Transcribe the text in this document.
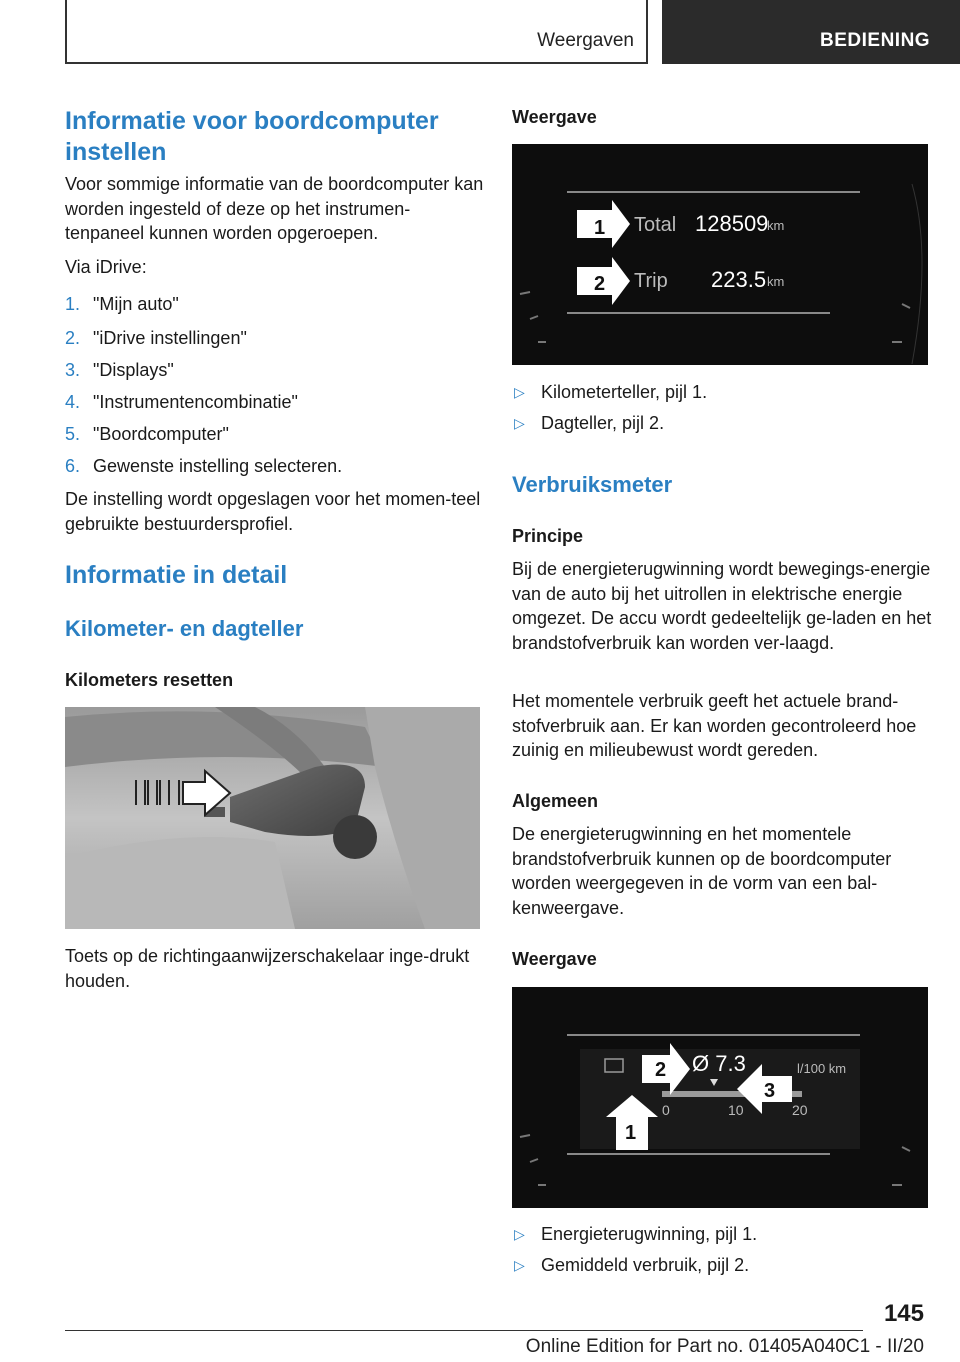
Weergaven	BEDIENING
Informatie voor boordcomputer instellen
Voor sommige informatie van de boordcomputer kan worden ingesteld of deze op het instrumen-tenpaneel kunnen worden opgeroepen.
Via iDrive:
1. "Mijn auto"
2. "iDrive instellingen"
3. "Displays"
4. "Instrumentencombinatie"
5. "Boordcomputer"
6. Gewenste instelling selecteren.
De instelling wordt opgeslagen voor het momen-teel gebruikte bestuurdersprofiel.
Informatie in detail
Kilometer- en dagteller
Kilometers resetten
Toets op de richtingaanwijzerschakelaar inge-drukt houden.
Weergave
1
2
Total 128509
km
Trip 223.5 km
▷ Kilometerteller, pijl 1.
▷ Dagteller, pijl 2.
Verbruiksmeter
Principe
Bij de energieterugwinning wordt bewegings-energie van de auto bij het uitrollen in elektrische energie omgezet. De accu wordt gedeeltelijk ge-laden en het brandstofverbruik kan worden ver-laagd.
Het momentele verbruik geeft het actuele brand-stofverbruik aan. Er kan worden gecontroleerd hoe zuinig en milieubewust wordt gereden.
Algemeen
De energieterugwinning en het momentele brandstofverbruik kunnen op de boordcomputer worden weergegeven in de vorm van een bal-kenweergave.
Weergave
Ø 7.3	l/100 km
0	10	20
1
2
3
▷ Energieterugwinning, pijl 1.
▷ Gemiddeld verbruik, pijl 2.
145
Online Edition for Part no. 01405A040C1 - II/20
